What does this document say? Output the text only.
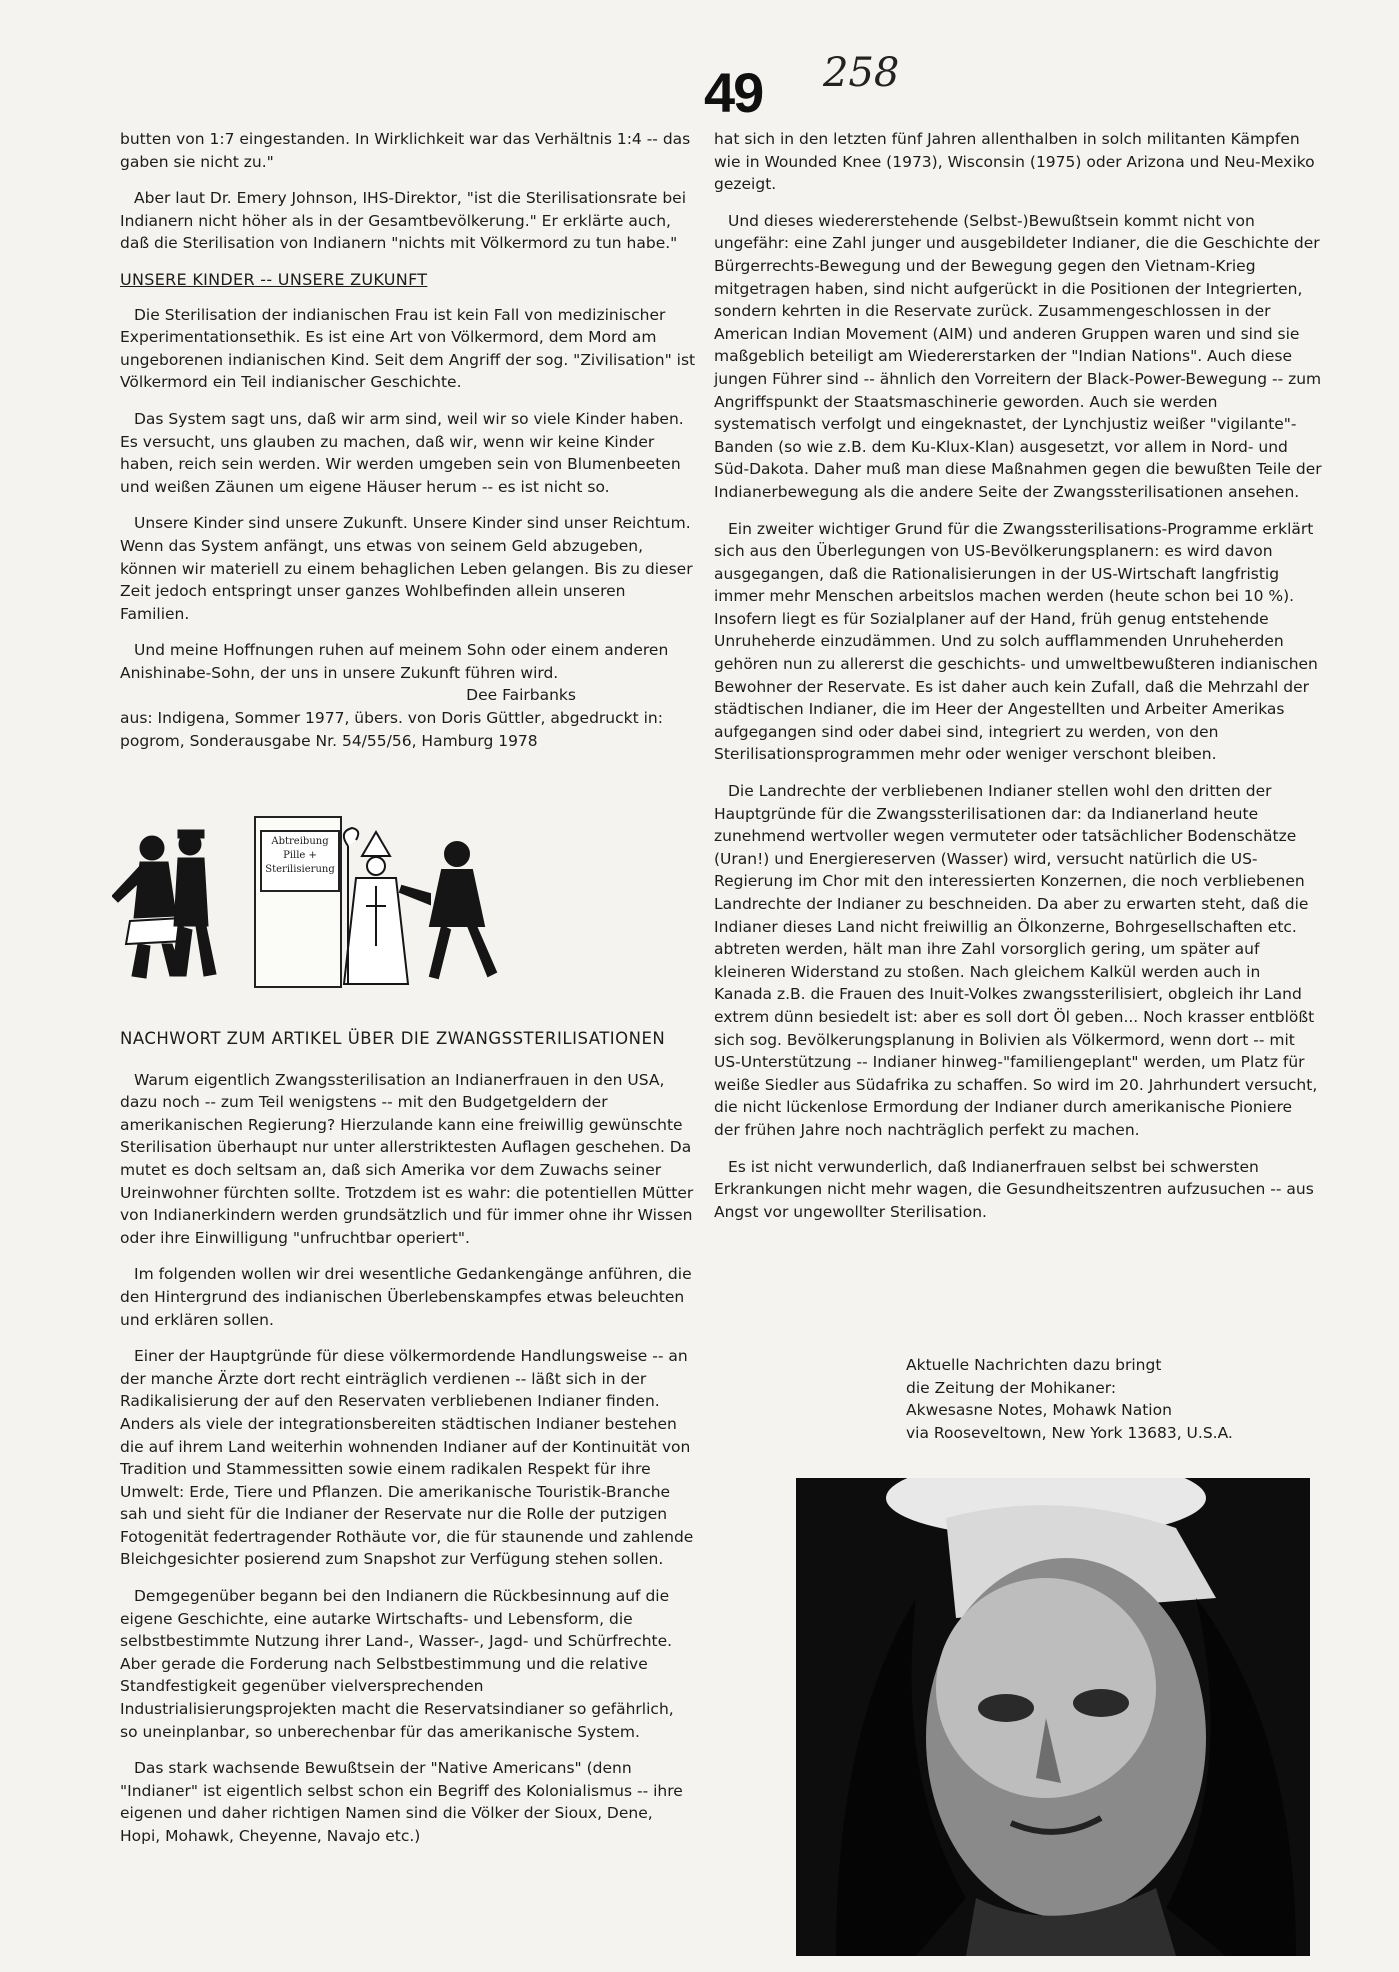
49 258

butten von 1:7 eingestanden. In Wirklichkeit war das Verhältnis 1:4 -- das gaben sie nicht zu."

Aber laut Dr. Emery Johnson, IHS-Direktor, "ist die Sterilisationsrate bei Indianern nicht höher als in der Gesamtbevölkerung." Er erklärte auch, daß die Sterilisation von Indianern "nichts mit Völkermord zu tun habe."

UNSERE KINDER -- UNSERE ZUKUNFT

Die Sterilisation der indianischen Frau ist kein Fall von medizinischer Experimentationsethik. Es ist eine Art von Völkermord, dem Mord am ungeborenen indianischen Kind. Seit dem Angriff der sog. "Zivilisation" ist Völkermord ein Teil indianischer Geschichte.

Das System sagt uns, daß wir arm sind, weil wir so viele Kinder haben. Es versucht, uns glauben zu machen, daß wir, wenn wir keine Kinder haben, reich sein werden. Wir werden umgeben sein von Blumenbeeten und weißen Zäunen um eigene Häuser herum -- es ist nicht so.

Unsere Kinder sind unsere Zukunft. Unsere Kinder sind unser Reichtum. Wenn das System anfängt, uns etwas von seinem Geld abzugeben, können wir materiell zu einem behaglichen Leben gelangen. Bis zu dieser Zeit jedoch entspringt unser ganzes Wohlbefinden allein unseren Familien.

Und meine Hoffnungen ruhen auf meinem Sohn oder einem anderen Anishinabe-Sohn, der uns in unsere Zukunft führen wird.

Dee Fairbanks
aus: Indigena, Sommer 1977, übers. von Doris Güttler, abgedruckt in: pogrom, Sonderausgabe Nr. 54/55/56, Hamburg 1978
Abtreibung
Pille +
Sterilisierung
NACHWORT ZUM ARTIKEL ÜBER DIE ZWANGSSTERILISATIONEN

Warum eigentlich Zwangssterilisation an Indianerfrauen in den USA, dazu noch -- zum Teil wenigstens -- mit den Budgetgeldern der amerikanischen Regierung? Hierzulande kann eine freiwillig gewünschte Sterilisation überhaupt nur unter allerstriktesten Auflagen geschehen. Da mutet es doch seltsam an, daß sich Amerika vor dem Zuwachs seiner Ureinwohner fürchten sollte. Trotzdem ist es wahr: die potentiellen Mütter von Indianerkindern werden grundsätzlich und für immer ohne ihr Wissen oder ihre Einwilligung "unfruchtbar operiert".

Im folgenden wollen wir drei wesentliche Gedankengänge anführen, die den Hintergrund des indianischen Überlebenskampfes etwas beleuchten und erklären sollen.

Einer der Hauptgründe für diese völkermordende Handlungsweise -- an der manche Ärzte dort recht einträglich verdienen -- läßt sich in der Radikalisierung der auf den Reservaten verbliebenen Indianer finden. Anders als viele der integrationsbereiten städtischen Indianer bestehen die auf ihrem Land weiterhin wohnenden Indianer auf der Kontinuität von Tradition und Stammessitten sowie einem radikalen Respekt für ihre Umwelt: Erde, Tiere und Pflanzen. Die amerikanische Touristik-Branche sah und sieht für die Indianer der Reservate nur die Rolle der putzigen Fotogenität federtragender Rothäute vor, die für staunende und zahlende Bleichgesichter posierend zum Snapshot zur Verfügung stehen sollen.

Demgegenüber begann bei den Indianern die Rückbesinnung auf die eigene Geschichte, eine autarke Wirtschafts- und Lebensform, die selbstbestimmte Nutzung ihrer Land-, Wasser-, Jagd- und Schürfrechte. Aber gerade die Forderung nach Selbstbestimmung und die relative Standfestigkeit gegenüber vielversprechenden Industrialisierungsprojekten macht die Reservatsindianer so gefährlich, so uneinplanbar, so unberechenbar für das amerikanische System.

Das stark wachsende Bewußtsein der "Native Americans" (denn "Indianer" ist eigentlich selbst schon ein Begriff des Kolonialismus -- ihre eigenen und daher richtigen Namen sind die Völker der Sioux, Dene, Hopi, Mohawk, Cheyenne, Navajo etc.)

hat sich in den letzten fünf Jahren allenthalben in solch militanten Kämpfen wie in Wounded Knee (1973), Wisconsin (1975) oder Arizona und Neu-Mexiko gezeigt.

Und dieses wiedererstehende (Selbst-)Bewußtsein kommt nicht von ungefähr: eine Zahl junger und ausgebildeter Indianer, die die Geschichte der Bürgerrechts-Bewegung und der Bewegung gegen den Vietnam-Krieg mitgetragen haben, sind nicht aufgerückt in die Positionen der Integrierten, sondern kehrten in die Reservate zurück. Zusammengeschlossen in der American Indian Movement (AIM) und anderen Gruppen waren und sind sie maßgeblich beteiligt am Wiedererstarken der "Indian Nations". Auch diese jungen Führer sind -- ähnlich den Vorreitern der Black-Power-Bewegung -- zum Angriffspunkt der Staatsmaschinerie geworden. Auch sie werden systematisch verfolgt und eingeknastet, der Lynchjustiz weißer "vigilante"-Banden (so wie z.B. dem Ku-Klux-Klan) ausgesetzt, vor allem in Nord- und Süd-Dakota. Daher muß man diese Maßnahmen gegen die bewußten Teile der Indianerbewegung als die andere Seite der Zwangssterilisationen ansehen.

Ein zweiter wichtiger Grund für die Zwangssterilisations-Programme erklärt sich aus den Überlegungen von US-Bevölkerungsplanern: es wird davon ausgegangen, daß die Rationalisierungen in der US-Wirtschaft langfristig immer mehr Menschen arbeitslos machen werden (heute schon bei 10 %). Insofern liegt es für Sozialplaner auf der Hand, früh genug entstehende Unruheherde einzudämmen. Und zu solch aufflammenden Unruheherden gehören nun zu allererst die geschichts- und umweltbewußteren indianischen Bewohner der Reservate. Es ist daher auch kein Zufall, daß die Mehrzahl der städtischen Indianer, die im Heer der Angestellten und Arbeiter Amerikas aufgegangen sind oder dabei sind, integriert zu werden, von den Sterilisationsprogrammen mehr oder weniger verschont bleiben.

Die Landrechte der verbliebenen Indianer stellen wohl den dritten der Hauptgründe für die Zwangssterilisationen dar: da Indianerland heute zunehmend wertvoller wegen vermuteter oder tatsächlicher Bodenschätze (Uran!) und Energiereserven (Wasser) wird, versucht natürlich die US-Regierung im Chor mit den interessierten Konzernen, die noch verbliebenen Landrechte der Indianer zu beschneiden. Da aber zu erwarten steht, daß die Indianer dieses Land nicht freiwillig an Ölkonzerne, Bohrgesellschaften etc. abtreten werden, hält man ihre Zahl vorsorglich gering, um später auf kleineren Widerstand zu stoßen. Nach gleichem Kalkül werden auch in Kanada z.B. die Frauen des Inuit-Volkes zwangssterilisiert, obgleich ihr Land extrem dünn besiedelt ist: aber es soll dort Öl geben... Noch krasser entblößt sich sog. Bevölkerungsplanung in Bolivien als Völkermord, wenn dort -- mit US-Unterstützung -- Indianer hinweg-"familiengeplant" werden, um Platz für weiße Siedler aus Südafrika zu schaffen. So wird im 20. Jahrhundert versucht, die nicht lückenlose Ermordung der Indianer durch amerikanische Pioniere der frühen Jahre noch nachträglich perfekt zu machen.

Es ist nicht verwunderlich, daß Indianerfrauen selbst bei schwersten Erkrankungen nicht mehr wagen, die Gesundheitszentren aufzusuchen -- aus Angst vor ungewollter Sterilisation.

Aktuelle Nachrichten dazu bringt
die Zeitung der Mohikaner:
Akwesasne Notes, Mohawk Nation
via Rooseveltown, New York 13683, U.S.A.
